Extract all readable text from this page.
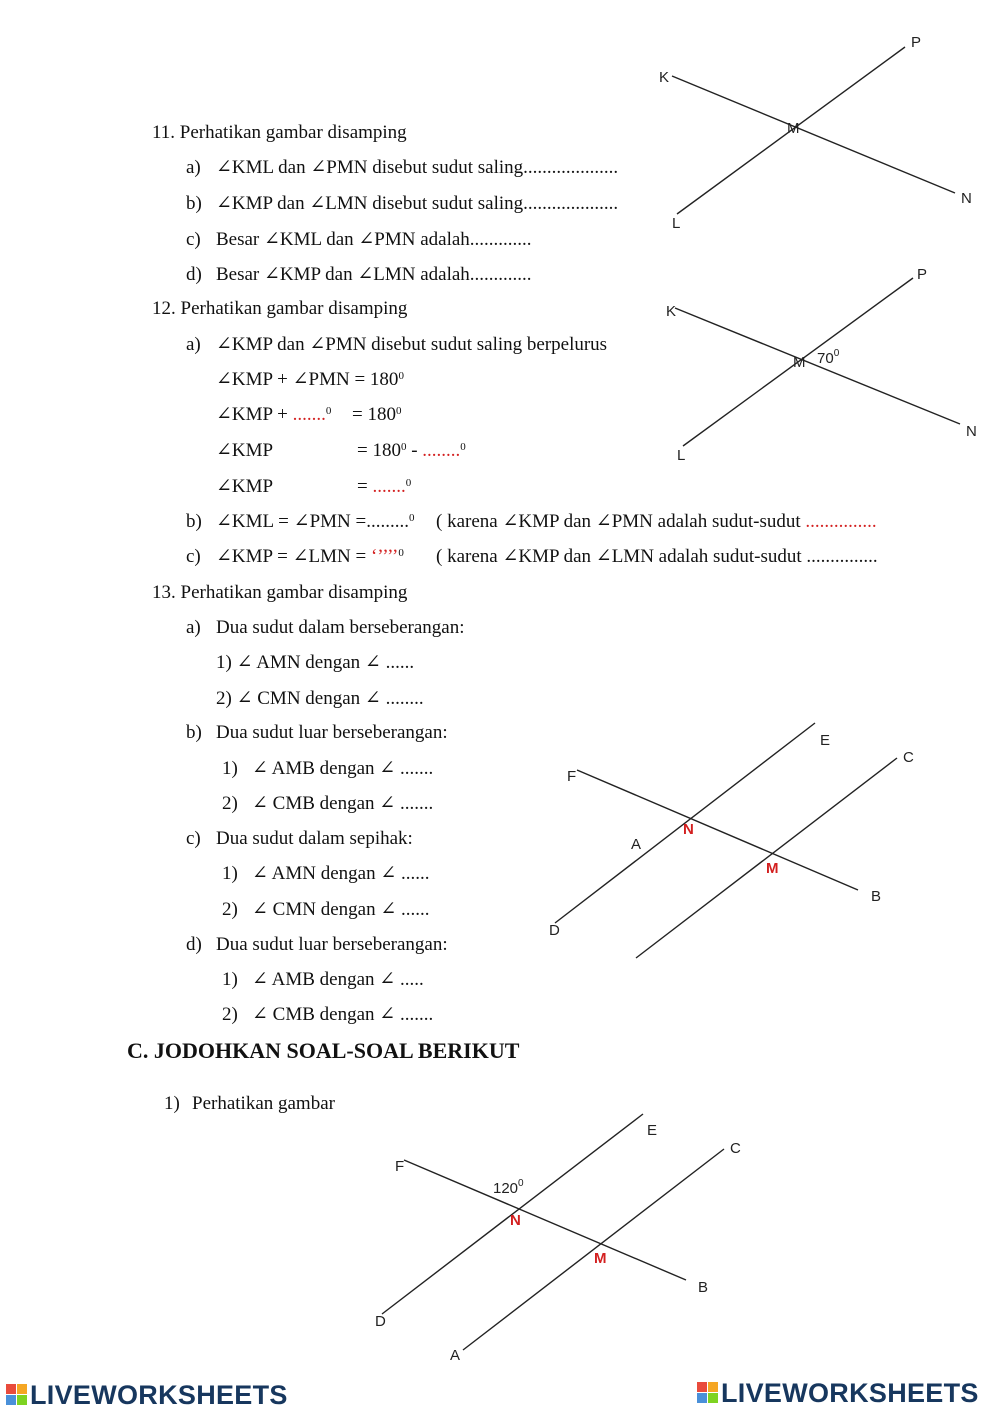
11. Perhatikan gambar disamping
a) ∠KML dan ∠PMN disebut sudut saling....................
b) ∠KMP dan ∠LMN disebut sudut saling....................
c) Besar ∠KML dan ∠PMN adalah.............
d) Besar ∠KMP dan ∠LMN adalah.............
12. Perhatikan gambar disamping
a) ∠KMP dan ∠PMN disebut sudut saling berpelurus
∠KMP + ∠PMN = $180^0$
∠KMP + $.......^0 = 180^0$
∠KMP	= $180^0 - ........^0$
∠KMP	= .......$^0$
b) ∠KML = ∠PMN =.........$^0$ ( karena ∠KMP dan ∠PMN adalah sudut-sudut ...............
c) ∠KMP = ∠LMN = ‘’’’’$^0$ ( karena ∠KMP dan ∠LMN adalah sudut-sudut ...............
13. Perhatikan gambar disamping
a) Dua sudut dalam berseberangan:
1) ∠ AMN dengan ∠ ......
2) ∠ CMN dengan ∠ ........
b) Dua sudut luar berseberangan:
1) ∠ AMB dengan ∠ .......
2) ∠ CMB dengan ∠ .......
c) Dua sudut dalam sepihak:
1) ∠ AMN dengan ∠ ......
2) ∠ CMN dengan ∠ ......
d) Dua sudut luar berseberangan:
1) ∠ AMB dengan ∠ .....
2) ∠ CMB dengan ∠ .......
C. JODOHKAN SOAL-SOAL BERIKUT
1) Perhatikan gambar
P
K
M
N
L
P
K
M $70^0$
N
L
E
C
F
A
N
M
B
D
E
C
F
$120^0$
N
M
B
D
A
LIVEWORKSHEETS	LIVEWORKSHEETS
